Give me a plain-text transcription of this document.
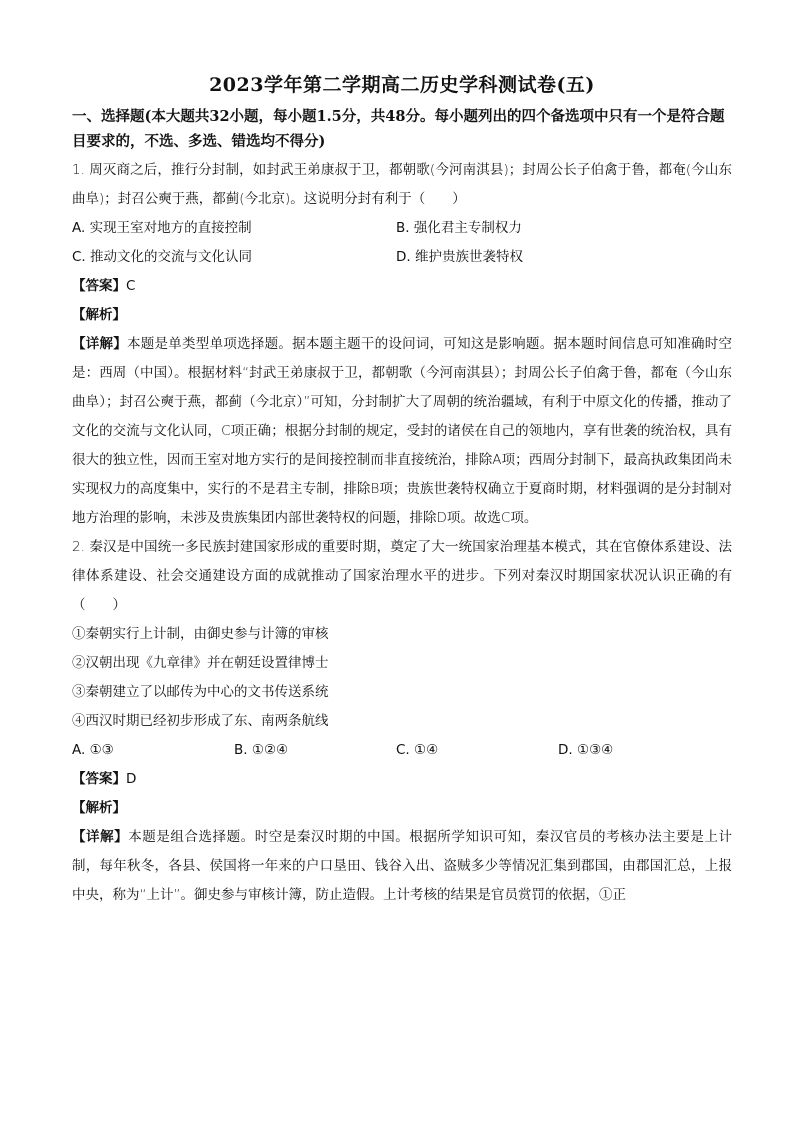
2023学年第二学期高二历史学科测试卷(五)
一、选择题(本大题共32小题，每小题1.5分，共48分。每小题列出的四个备选项中只有一个是符合题目要求的，不选、多选、错选均不得分)

1. 周灭商之后，推行分封制，如封武王弟康叔于卫，都朝歌(今河南淇县)；封周公长子伯禽于鲁，都奄(今山东曲阜)；封召公奭于燕，都蓟(今北京)。这说明分封有利于（　　）

A. 实现王室对地方的直接控制	B. 强化君主专制权力
C. 推动文化的交流与文化认同	D. 维护贵族世袭特权
【答案】C
【解析】

【详解】本题是单类型单项选择题。据本题主题干的设问词，可知这是影响题。据本题时间信息可知准确时空是：西周（中国）。根据材料“封武王弟康叔于卫，都朝歌（今河南淇县）；封周公长子伯禽于鲁，都奄（今山东曲阜）；封召公奭于燕，都蓟（今北京）”可知，分封制扩大了周朝的统治疆域，有利于中原文化的传播，推动了文化的交流与文化认同，C项正确；根据分封制的规定，受封的诸侯在自己的领地内，享有世袭的统治权，具有很大的独立性，因而王室对地方实行的是间接控制而非直接统治，排除A项；西周分封制下，最高执政集团尚未实现权力的高度集中，实行的不是君主专制，排除B项；贵族世袭特权确立于夏商时期，材料强调的是分封制对地方治理的影响，未涉及贵族集团内部世袭特权的问题，排除D项。故选C项。

2. 秦汉是中国统一多民族封建国家形成的重要时期，奠定了大一统国家治理基本模式，其在官僚体系建设、法律体系建设、社会交通建设方面的成就推动了国家治理水平的进步。下列对秦汉时期国家状况认识正确的有（　　）

①秦朝实行上计制，由御史参与计簿的审核

②汉朝出现《九章律》并在朝廷设置律博士

③秦朝建立了以邮传为中心的文书传送系统

④西汉时期已经初步形成了东、南两条航线

A. ①③	B. ①②④	C. ①④	D. ①③④
【答案】D
【解析】

【详解】本题是组合选择题。时空是秦汉时期的中国。根据所学知识可知，秦汉官员的考核办法主要是上计制，每年秋冬，各县、侯国将一年来的户口垦田、钱谷入出、盗贼多少等情况汇集到郡国，由郡国汇总，上报中央，称为“上计”。御史参与审核计簿，防止造假。上计考核的结果是官员赏罚的依据，①正
